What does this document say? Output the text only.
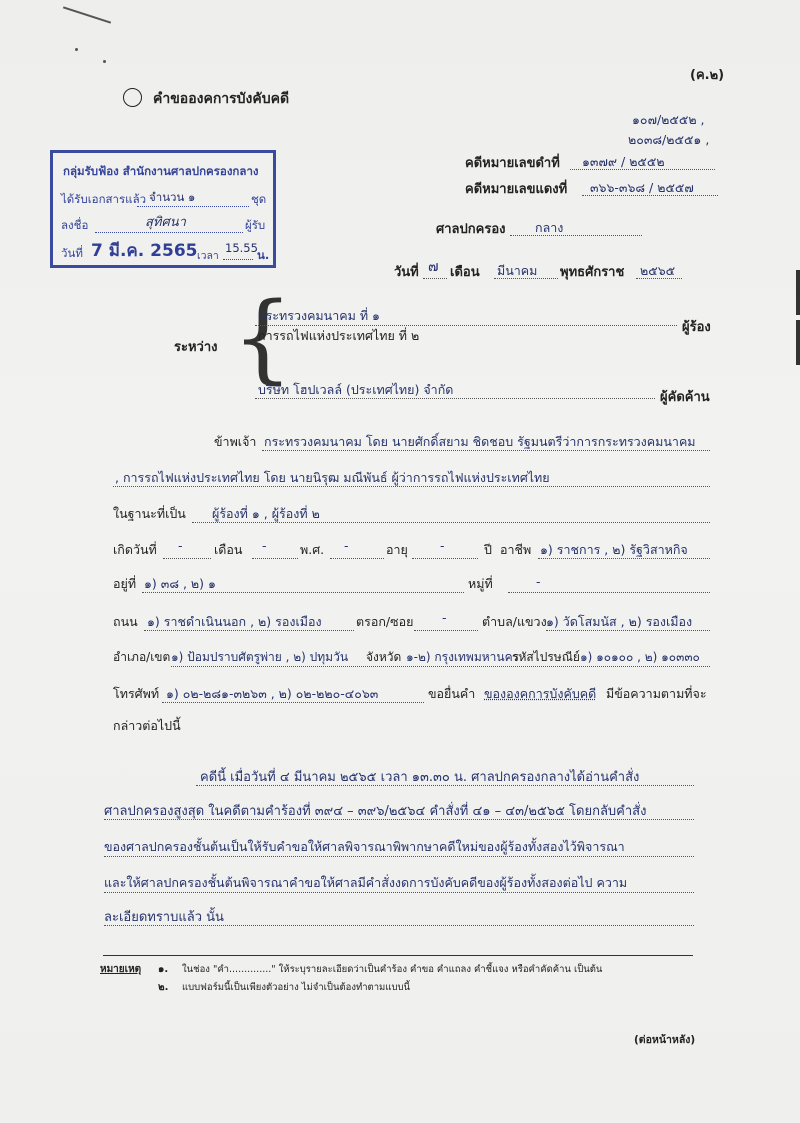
(ค.๒)
คำขอองคการบังคับคดี
๑๐๗/๒๕๕๒ ,
๒๐๓๘/๒๕๕๑ ,
กลุ่มรับฟ้อง สำนักงานศาลปกครองกลาง
ได้รับเอกสารแล้ว จำนวน ๑	ชุด
ลงชื่อ	สุทิศนา	ผู้รับ
วันที่ 7 มี.ค. 2565 เวลา
15.55 น.
คดีหมายเลขดำที่ ๑๓๗๙ / ๒๕๕๒
คดีหมายเลขแดงที่ ๓๖๖-๓๖๘ / ๒๕๕๗
ศาลปกครอง กลาง
วันที่ ๗ เดือน มีนาคม พุทธศักราช ๒๕๖๕
ระหว่าง {
กระทรวงคมนาคม ที่ ๑
ผู้ร้อง
การรถไฟแห่งประเทศไทย ที่ ๒
บริษัท โฮปเวลล์ (ประเทศไทย) จำกัด
ผู้คัดค้าน
ข้าพเจ้า กระทรวงคมนาคม โดย นายศักดิ์สยาม ชิดชอบ รัฐมนตรีว่าการกระทรวงคมนาคม
, การรถไฟแห่งประเทศไทย โดย นายนิรุฒ มณีพันธ์ ผู้ว่าการรถไฟแห่งประเทศไทย
ในฐานะที่เป็น ผู้ร้องที่ ๑ , ผู้ร้องที่ ๒
เกิดวันที่ -	เดือน -	พ.ศ. -	อายุ	-	ปี อาชีพ ๑) ราชการ , ๒) รัฐวิสาหกิจ
อยู่ที่ ๑) ๓๘ , ๒) ๑	หมู่ที่	-
ถนน ๑) ราชดำเนินนอก , ๒) รองเมือง	ตรอก/ซอย -	ตำบล/แขวง ๑) วัดโสมนัส , ๒) รองเมือง
อำเภอ/เขต ๑) ป้อมปราบศัตรูพ่าย , ๒) ปทุมวัน จังหวัด ๑-๒) กรุงเทพมหานคร
รหัสไปรษณีย์ ๑) ๑๐๑๐๐ , ๒) ๑๐๓๓๐
โทรศัพท์ ๑) ๐๒-๒๘๑-๓๒๖๓ , ๒) ๐๒-๒๒๐-๔๐๖๓	ขอยื่นคำ ขององคการบังคับคดี มีข้อความตามที่จะ
กล่าวต่อไปนี้
คดีนี้ เมื่อวันที่ ๔ มีนาคม ๒๕๖๕ เวลา ๑๓.๓๐ น. ศาลปกครองกลางได้อ่านคำสั่ง
ศาลปกครองสูงสุด ในคดีตามคำร้องที่ ๓๙๔ – ๓๙๖/๒๕๖๔ คำสั่งที่ ๔๑ – ๔๓/๒๕๖๕ โดยกลับคำสั่ง
ของศาลปกครองชั้นต้นเป็นให้รับคำขอให้ศาลพิจารณาพิพากษาคดีใหม่ของผู้ร้องทั้งสองไว้พิจารณา
และให้ศาลปกครองชั้นต้นพิจารณาคำขอให้ศาลมีคำสั่งงดการบังคับคดีของผู้ร้องทั้งสองต่อไป ความ
ละเอียดทราบแล้ว นั้น
หมายเหตุ ๑. ในช่อง "คำ.............." ให้ระบุรายละเอียดว่าเป็นคำร้อง คำขอ คำแถลง คำชี้แจง หรือคำคัดค้าน เป็นต้น
๒. แบบฟอร์มนี้เป็นเพียงตัวอย่าง ไม่จำเป็นต้องทำตามแบบนี้
(ต่อหน้าหลัง)
